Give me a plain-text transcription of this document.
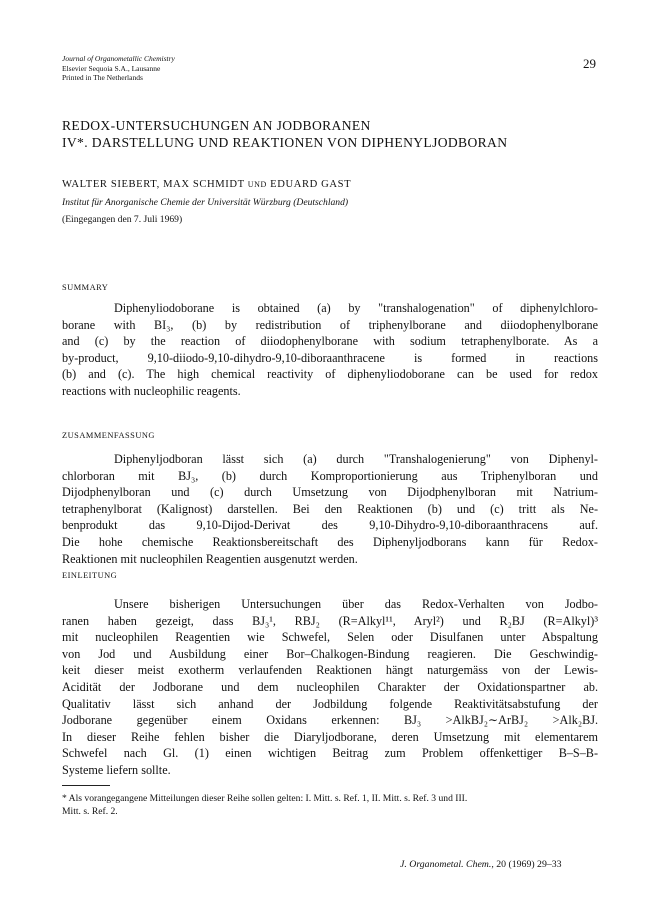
Journal of Organometallic Chemistry
Elsevier Sequoia S.A., Lausanne
Printed in The Netherlands
29
REDOX-UNTERSUCHUNGEN AN JODBORANEN
IV*. DARSTELLUNG UND REAKTIONEN VON DIPHENYLJODBORAN
WALTER SIEBERT, MAX SCHMIDT UND EDUARD GAST
Institut für Anorganische Chemie der Universität Würzburg (Deutschland)
(Eingegangen den 7. Juli 1969)
SUMMARY
Diphenyliodoborane is obtained (a) by "transhalogenation" of diphenylchloro-
borane with BI₃, (b) by redistribution of triphenylborane and diiodophenylborane
and (c) by the reaction of diiodophenylborane with sodium tetraphenylborate. As a
by-product, 9,10-diiodo-9,10-dihydro-9,10-diboraanthracene is formed in reactions
(b) and (c). The high chemical reactivity of diphenyliodoborane can be used for redox
reactions with nucleophilic reagents.
ZUSAMMENFASSUNG
Diphenyljodboran lässt sich (a) durch "Transhalogenierung" von Diphenyl-
chlorboran mit BJ₃, (b) durch Komproportionierung aus Triphenylboran und
Dijodphenylboran und (c) durch Umsetzung von Dijodphenylboran mit Natrium-
tetraphenylborat (Kalignost) darstellen. Bei den Reaktionen (b) und (c) tritt als Ne-
benprodukt das 9,10-Dijod-Derivat des 9,10-Dihydro-9,10-diboraanthracens auf.
Die hohe chemische Reaktionsbereitschaft des Diphenyljodborans kann für Redox-
Reaktionen mit nucleophilen Reagentien ausgenutzt werden.
EINLEITUNG
Unsere bisherigen Untersuchungen über das Redox-Verhalten von Jodbo-
ranen haben gezeigt, dass BJ₃¹, RBJ₂ (R=Alkyl¹¹, Aryl²) und R₂BJ (R=Alkyl)³
mit nucleophilen Reagentien wie Schwefel, Selen oder Disulfanen unter Abspaltung
von Jod und Ausbildung einer Bor–Chalkogen-Bindung reagieren. Die Geschwindig-
keit dieser meist exotherm verlaufenden Reaktionen hängt naturgemäss von der Lewis-
Acidität der Jodborane und dem nucleophilen Charakter der Oxidationspartner ab.
Qualitativ lässt sich anhand der Jodbildung folgende Reaktivitätsabstufung der
Jodborane gegenüber einem Oxidans erkennen: BJ₃ >AlkBJ₂∼ArBJ₂ >Alk₂BJ.
In dieser Reihe fehlen bisher die Diaryljodborane, deren Umsetzung mit elementarem
Schwefel nach Gl. (1) einen wichtigen Beitrag zum Problem offenkettiger B–S–B-
Systeme liefern sollte.
* Als vorangegangene Mitteilungen dieser Reihe sollen gelten: I. Mitt. s. Ref. 1, II. Mitt. s. Ref. 3 und III.
Mitt. s. Ref. 2.
J. Organometal. Chem., 20 (1969) 29–33
